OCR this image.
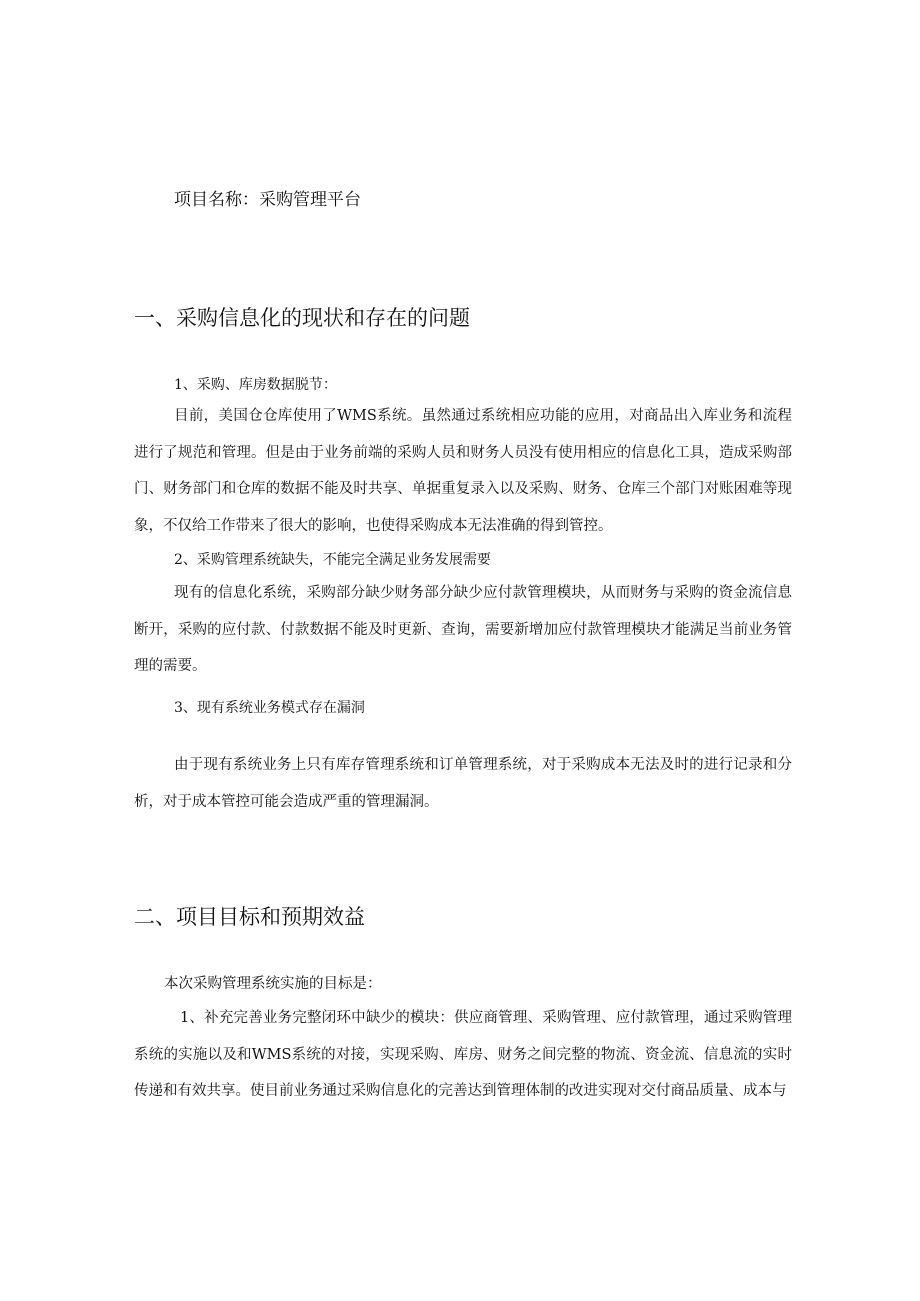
项目名称：采购管理平台
一、采购信息化的现状和存在的问题
1、采购、库房数据脱节：
目前，美国仓仓库使用了WMS系统。虽然通过系统相应功能的应用，对商品出入库业务和流程进行了规范和管理。但是由于业务前端的采购人员和财务人员没有使用相应的信息化工具，造成采购部门、财务部门和仓库的数据不能及时共享、单据重复录入以及采购、财务、仓库三个部门对账困难等现象，不仅给工作带来了很大的影响，也使得采购成本无法准确的得到管控。
2、采购管理系统缺失，不能完全满足业务发展需要
现有的信息化系统，采购部分缺少财务部分缺少应付款管理模块，从而财务与采购的资金流信息断开，采购的应付款、付款数据不能及时更新、查询，需要新增加应付款管理模块才能满足当前业务管理的需要。
3、现有系统业务模式存在漏洞
由于现有系统业务上只有库存管理系统和订单管理系统，对于采购成本无法及时的进行记录和分析，对于成本管控可能会造成严重的管理漏洞。
二、项目目标和预期效益
本次采购管理系统实施的目标是：
1、补充完善业务完整闭环中缺少的模块：供应商管理、采购管理、应付款管理，通过采购管理系统的实施以及和WMS系统的对接，实现采购、库房、财务之间完整的物流、资金流、信息流的实时传递和有效共享。使目前业务通过采购信息化的完善达到管理体制的改进实现对交付商品质量、成本与
